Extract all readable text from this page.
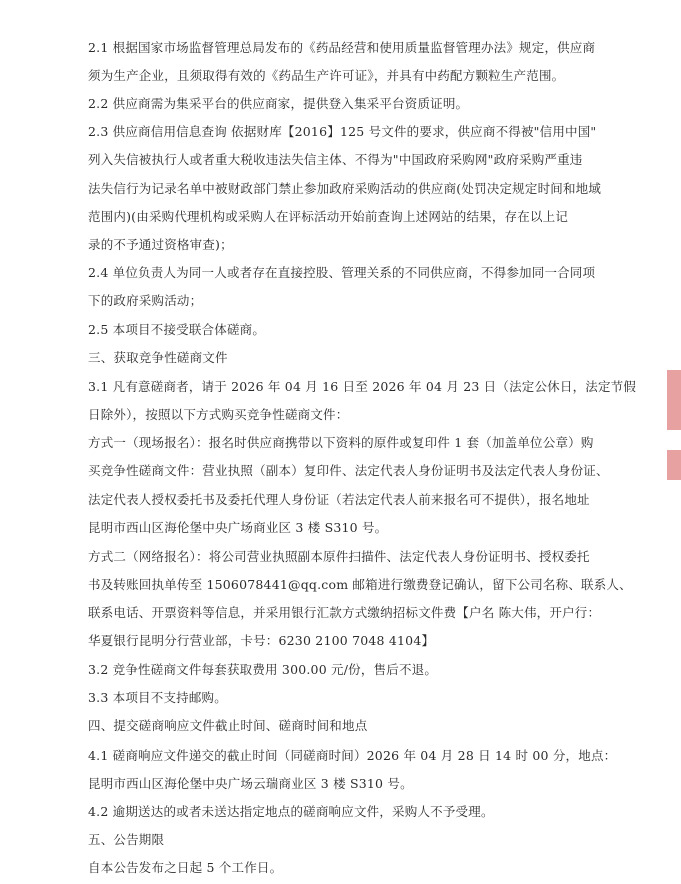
2.1 根据国家市场监督管理总局发布的《药品经营和使用质量监督管理办法》规定，供应商
须为生产企业，且须取得有效的《药品生产许可证》，并具有中药配方颗粒生产范围。
2.2 供应商需为集采平台的供应商家，提供登入集采平台资质证明。
2.3 供应商信用信息查询 依据财库【2016】125 号文件的要求，供应商不得被"信用中国"
列入失信被执行人或者重大税收违法失信主体、不得为"中国政府采购网"政府采购严重违
法失信行为记录名单中被财政部门禁止参加政府采购活动的供应商(处罚决定规定时间和地域
范围内)(由采购代理机构或采购人在评标活动开始前查询上述网站的结果，存在以上记
录的不予通过资格审查)；
2.4 单位负责人为同一人或者存在直接控股、管理关系的不同供应商，不得参加同一合同项
下的政府采购活动；
2.5 本项目不接受联合体磋商。
三、获取竞争性磋商文件
3.1 凡有意磋商者，请于 2026 年 04 月 16 日至 2026 年 04 月 23 日（法定公休日，法定节假
日除外），按照以下方式购买竞争性磋商文件：
方式一（现场报名）：报名时供应商携带以下资料的原件或复印件 1 套（加盖单位公章）购
买竞争性磋商文件：营业执照（副本）复印件、法定代表人身份证明书及法定代表人身份证、
法定代表人授权委托书及委托代理人身份证（若法定代表人前来报名可不提供），报名地址
昆明市西山区海伦堡中央广场商业区 3 楼 S310 号。
方式二（网络报名）：将公司营业执照副本原件扫描件、法定代表人身份证明书、授权委托
书及转账回执单传至 1506078441@qq.com 邮箱进行缴费登记确认，留下公司名称、联系人、
联系电话、开票资料等信息，并采用银行汇款方式缴纳招标文件费【户名 陈大伟，开户行：
华夏银行昆明分行营业部，卡号：6230 2100 7048 4104】
3.2 竞争性磋商文件每套获取费用 300.00 元/份，售后不退。
3.3 本项目不支持邮购。
四、提交磋商响应文件截止时间、磋商时间和地点
4.1 磋商响应文件递交的截止时间（同磋商时间）2026 年 04 月 28 日 14 时 00 分，地点：
昆明市西山区海伦堡中央广场云瑞商业区 3 楼 S310 号。
4.2 逾期送达的或者未送达指定地点的磋商响应文件，采购人不予受理。
五、公告期限
自本公告发布之日起 5 个工作日。
